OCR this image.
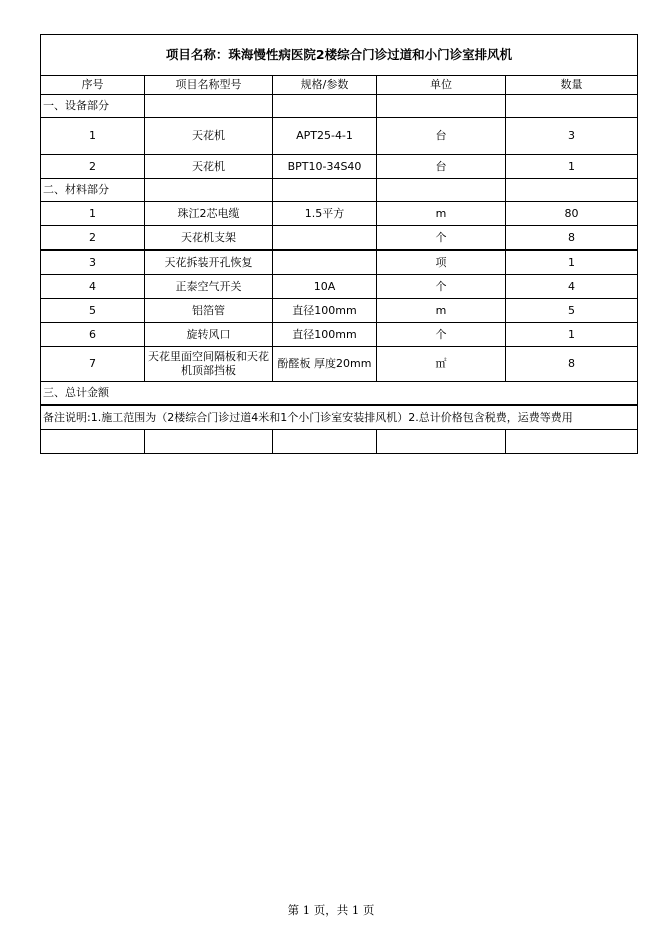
项目名称：珠海慢性病医院2楼综合门诊过道和小门诊室排风机				
序号	项目名称型号	规格/参数	单位	数量
一、设备部分				
1	天花机	APT25-4-1	台	3
2	天花机	BPT10-34S40	台	1
二、材料部分				
1	珠江2芯电缆	1.5平方	m	80
2	天花机支架		个	8
3	天花拆装开孔恢复		项	1
4	正泰空气开关	10A	个	4
5	铝箔管	直径100mm	m	5
6	旋转风口	直径100mm	个	1
7	天花里面空间隔板和天花机顶部挡板	酚醛板 厚度20mm	㎡	8
三、总计金额				
备注说明:1.施工范围为（2楼综合门诊过道4米和1个小门诊室安装排风机）2.总计价格包含税费，运费等费用				

第 1 页，共 1 页
